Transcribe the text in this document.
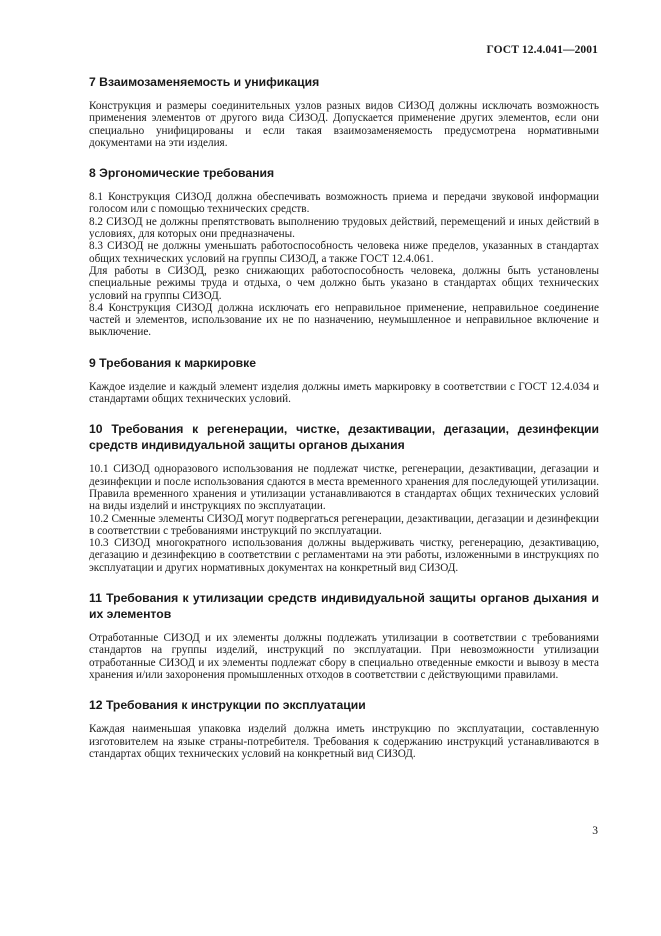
ГОСТ 12.4.041—2001
7 Взаимозаменяемость и унификация

Конструкция и размеры соединительных узлов разных видов СИЗОД должны исключать возможность применения элементов от другого вида СИЗОД. Допускается применение других элементов, если они специально унифицированы и если такая взаимозаменяемость предусмотрена нормативными документами на эти изделия.

8 Эргономические требования

8.1 Конструкция СИЗОД должна обеспечивать возможность приема и передачи звуковой информации голосом или с помощью технических средств.

8.2 СИЗОД не должны препятствовать выполнению трудовых действий, перемещений и иных действий в условиях, для которых они предназначены.

8.3 СИЗОД не должны уменьшать работоспособность человека ниже пределов, указанных в стандартах общих технических условий на группы СИЗОД, а также ГОСТ 12.4.061.

Для работы в СИЗОД, резко снижающих работоспособность человека, должны быть установлены специальные режимы труда и отдыха, о чем должно быть указано в стандартах общих технических условий на группы СИЗОД.

8.4 Конструкция СИЗОД должна исключать его неправильное применение, неправильное соединение частей и элементов, использование их не по назначению, неумышленное и неправильное включение и выключение.

9 Требования к маркировке

Каждое изделие и каждый элемент изделия должны иметь маркировку в соответствии с ГОСТ 12.4.034 и стандартами общих технических условий.

10 Требования к регенерации, чистке, дезактивации, дегазации, дезинфекции средств индивидуальной защиты органов дыхания

10.1 СИЗОД одноразового использования не подлежат чистке, регенерации, дезактивации, дегазации и дезинфекции и после использования сдаются в места временного хранения для последующей утилизации. Правила временного хранения и утилизации устанавливаются в стандартах общих технических условий на виды изделий и инструкциях по эксплуатации.

10.2 Сменные элементы СИЗОД могут подвергаться регенерации, дезактивации, дегазации и дезинфекции в соответствии с требованиями инструкций по эксплуатации.

10.3 СИЗОД многократного использования должны выдерживать чистку, регенерацию, дезактивацию, дегазацию и дезинфекцию в соответствии с регламентами на эти работы, изложенными в инструкциях по эксплуатации и других нормативных документах на конкретный вид СИЗОД.

11 Требования к утилизации средств индивидуальной защиты органов дыхания и их элементов

Отработанные СИЗОД и их элементы должны подлежать утилизации в соответствии с требованиями стандартов на группы изделий, инструкций по эксплуатации. При невозможности утилизации отработанные СИЗОД и их элементы подлежат сбору в специально отведенные емкости и вывозу в места хранения и/или захоронения промышленных отходов в соответствии с действующими правилами.

12 Требования к инструкции по эксплуатации

Каждая наименьшая упаковка изделий должна иметь инструкцию по эксплуатации, составленную изготовителем на языке страны-потребителя. Требования к содержанию инструкций устанавливаются в стандартах общих технических условий на конкретный вид СИЗОД.

3
